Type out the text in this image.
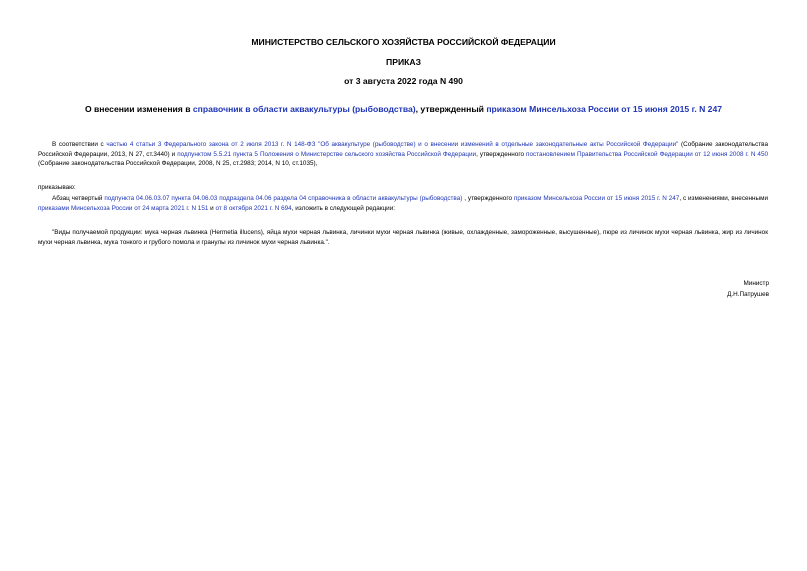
МИНИСТЕРСТВО СЕЛЬСКОГО ХОЗЯЙСТВА РОССИЙСКОЙ ФЕДЕРАЦИИ
ПРИКАЗ
от 3 августа 2022 года N 490
О внесении изменения в справочник в области аквакультуры (рыбоводства), утвержденный приказом Минсельхоза России от 15 июня 2015 г. N 247

В соответствии с частью 4 статьи 3 Федерального закона от 2 июля 2013 г. N 148-ФЗ "Об аквакультуре (рыбоводстве) и о внесении изменений в отдельные законодательные акты Российской Федерации" (Собрание законодательства Российской Федерации, 2013, N 27, ст.3440) и подпунктом 5.5.21 пункта 5 Положения о Министерстве сельского хозяйства Российской Федерации, утвержденного постановлением Правительства Российской Федерации от 12 июня 2008 г. N 450 (Собрание законодательства Российской Федерации, 2008, N 25, ст.2983; 2014, N 10, ст.1035),

приказываю:

Абзац четвертый подпункта 04.06.03.07 пункта 04.06.03 подраздела 04.06 раздела 04 справочника в области аквакультуры (рыбоводства) , утвержденного приказом Минсельхоза России от 15 июня 2015 г. N 247, с изменениями, внесенными приказами Минсельхоза России от 24 марта 2021 г. N 151 и от 8 октября 2021 г. N 694, изложить в следующей редакции:

"Виды получаемой продукции: мука черная львинка (Hermetia illucens), яйца мухи черная львинка, личинки мухи черная львинка (живые, охлажденные, замороженные, высушенные), пюре из личинок мухи черная львинка, жир из личинок мухи черная львинка, мука тонкого и грубого помола и гранулы из личинок мухи черная львинка.".

Министр
Д.Н.Патрушев
